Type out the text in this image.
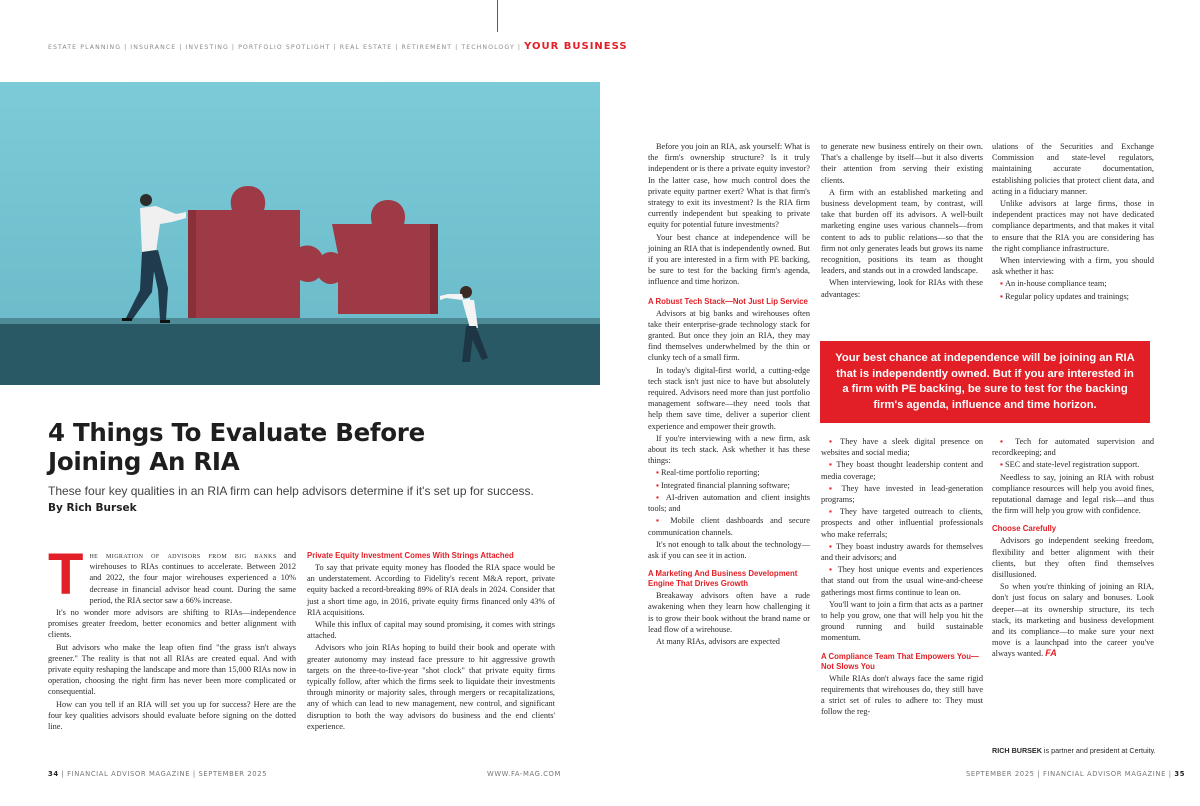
ESTATE PLANNING | INSURANCE | INVESTING | PORTFOLIO SPOTLIGHT | REAL ESTATE | RETIREMENT | TECHNOLOGY | YOUR BUSINESS
4 Things To Evaluate Before
Joining An RIA
These four key qualities in an RIA firm can help advisors determine if it's set up for success.
By Rich Bursek

The migration of advisors from big banks and wirehouses to RIAs continues to accelerate. Between 2012 and 2022, the four major wirehouses experienced a 10% decrease in financial advisor head count. During the same period, the RIA sector saw a 66% increase.

It's no wonder more advisors are shifting to RIAs—independence promises greater freedom, better economics and better alignment with clients.

But advisors who make the leap often find "the grass isn't always greener." The reality is that not all RIAs are created equal. And with private equity reshaping the landscape and more than 15,000 RIAs now in operation, choosing the right firm has never been more complicated or consequential.

How can you tell if an RIA will set you up for success? Here are the four key qualities advisors should evaluate before signing on the dotted line.

Private Equity Investment Comes With Strings Attached

To say that private equity money has flooded the RIA space would be an understatement. According to Fidelity's recent M&A report, private equity backed a record-breaking 89% of RIA deals in 2024. Consider that just a short time ago, in 2016, private equity firms financed only 43% of RIA acquisitions.

While this influx of capital may sound promising, it comes with strings attached.

Advisors who join RIAs hoping to build their book and operate with greater autonomy may instead face pressure to hit aggressive growth targets on the three-to-five-year "shot clock" that private equity firms typically follow, after which the firms seek to liquidate their investments through minority or majority sales, through mergers or recapitalizations, any of which can lead to new management, new control, and significant disruption to both the way advisors do business and the end clients' experience.

Before you join an RIA, ask yourself: What is the firm's ownership structure? Is it truly independent or is there a private equity investor? In the latter case, how much control does the private equity partner exert? What is that firm's strategy to exit its investment? Is the RIA firm currently independent but speaking to private equity for potential future investments?

Your best chance at independence will be joining an RIA that is independently owned. But if you are interested in a firm with PE backing, be sure to test for the backing firm's agenda, influence and time horizon.

A Robust Tech Stack—Not Just Lip Service

Advisors at big banks and wirehouses often take their enterprise-grade technology stack for granted. But once they join an RIA, they may find themselves underwhelmed by the thin or clunky tech of a small firm.

In today's digital-first world, a cutting-edge tech stack isn't just nice to have but absolutely required. Advisors need more than just portfolio management software—they need tools that help them save time, deliver a superior client experience and empower their growth.

If you're interviewing with a new firm, ask about its tech stack. Ask whether it has these things:

▪ Real-time portfolio reporting;

▪ Integrated financial planning software;

▪ AI-driven automation and client insights tools; and

▪ Mobile client dashboards and secure communication channels.

It's not enough to talk about the technology—ask if you can see it in action.

A Marketing And Business Development Engine That Drives Growth

Breakaway advisors often have a rude awakening when they learn how challenging it is to grow their book without the brand name or lead flow of a wirehouse.

At many RIAs, advisors are expected

to generate new business entirely on their own. That's a challenge by itself—but it also diverts their attention from serving their existing clients.

A firm with an established marketing and business development team, by contrast, will take that burden off its advisors. A well-built marketing engine uses various channels—from content to ads to public relations—so that the firm not only generates leads but grows its name recognition, positions its team as thought leaders, and stands out in a crowded landscape.

When interviewing, look for RIAs with these advantages:

ulations of the Securities and Exchange Commission and state-level regulators, maintaining accurate documentation, establishing policies that protect client data, and acting in a fiduciary manner.

Unlike advisors at large firms, those in independent practices may not have dedicated compliance departments, and that makes it vital to ensure that the RIA you are considering has the right compliance infrastructure.

When interviewing with a firm, you should ask whether it has:

▪ An in-house compliance team;

▪ Regular policy updates and trainings;

Your best chance at independence will be joining an RIA that is independently owned. But if you are interested in a firm with PE backing, be sure to test for the backing firm's agenda, influence and time horizon.

▪ They have a sleek digital presence on websites and social media;

▪ They boast thought leadership content and media coverage;

▪ They have invested in lead-generation programs;

▪ They have targeted outreach to clients, prospects and other influential professionals who make referrals;

▪ They boast industry awards for themselves and their advisors; and

▪ They host unique events and experiences that stand out from the usual wine-and-cheese gatherings most firms continue to lean on.

You'll want to join a firm that acts as a partner to help you grow, one that will help you hit the ground running and build sustainable momentum.

A Compliance Team That Empowers You—Not Slows You

While RIAs don't always face the same rigid requirements that wirehouses do, they still have a strict set of rules to adhere to: They must follow the reg-

▪ Tech for automated supervision and recordkeeping; and

▪ SEC and state-level registration support.

Needless to say, joining an RIA with robust compliance resources will help you avoid fines, reputational damage and legal risk—and thus the firm will help you grow with confidence.

Choose Carefully

Advisors go independent seeking freedom, flexibility and better alignment with their clients, but they often find themselves disillusioned.

So when you're thinking of joining an RIA, don't just focus on salary and bonuses. Look deeper—at its ownership structure, its tech stack, its marketing and business development and its compliance—to make sure your next move is a launchpad into the career you've always wanted. FA

RICH BURSEK is partner and president at Certuity.
34 | FINANCIAL ADVISOR MAGAZINE | SEPTEMBER 2025	WWW.FA-MAG.COM	SEPTEMBER 2025 | FINANCIAL ADVISOR MAGAZINE | 35
